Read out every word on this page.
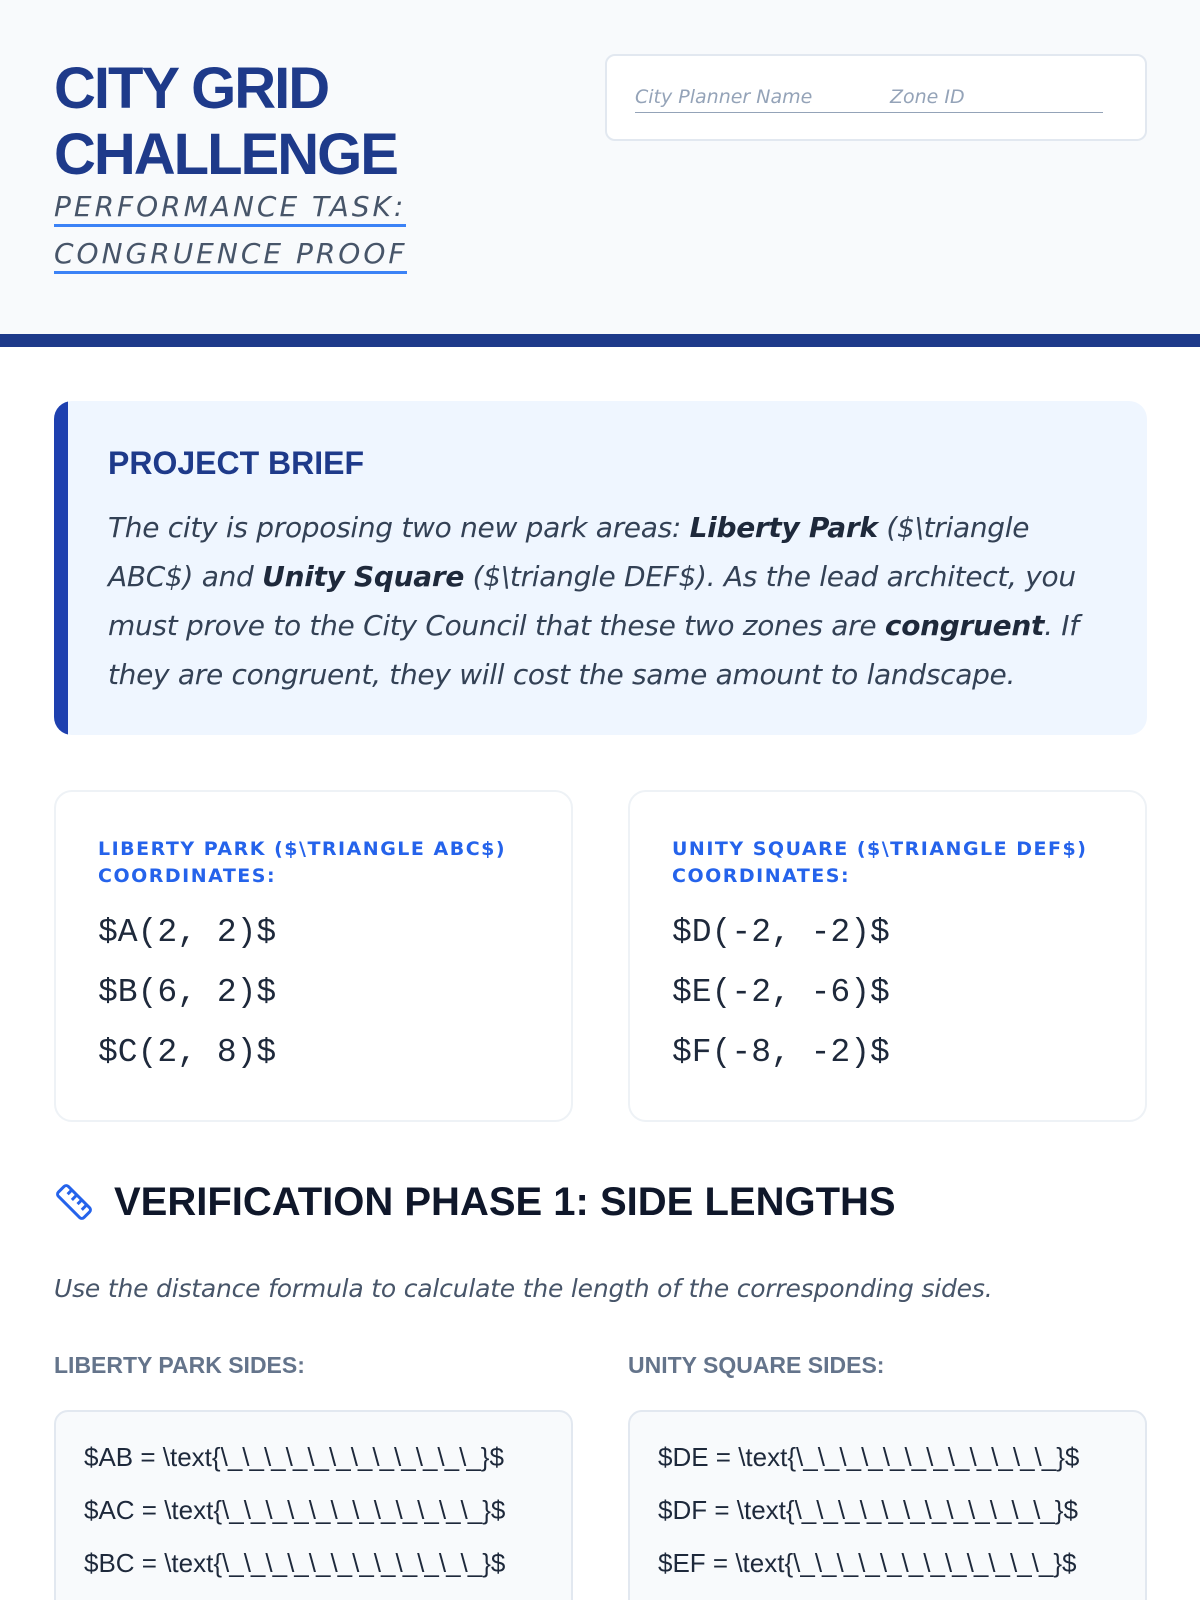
CITY GRID
CHALLENGE
PERFORMANCE TASK:
CONGRUENCE PROOF
City Planner Name	Zone ID
PROJECT BRIEF
The city is proposing two new park areas: Liberty Park ($\triangle ABC$) and Unity Square ($\triangle DEF$). As the lead architect, you must prove to the City Council that these two zones are congruent. If they are congruent, they will cost the same amount to landscape.
LIBERTY PARK ($\TRIANGLE ABC$) COORDINATES:
$A(2, 2)$
$B(6, 2)$
$C(2, 8)$
UNITY SQUARE ($\TRIANGLE DEF$) COORDINATES:
$D(-2, -2)$
$E(-2, -6)$
$F(-8, -2)$
VERIFICATION PHASE 1: SIDE LENGTHS
Use the distance formula to calculate the length of the corresponding sides.
LIBERTY PARK SIDES:	UNITY SQUARE SIDES:
$AB = \text{\_\_\_\_\_\_\_\_\_\_\_\_}$
$AC = \text{\_\_\_\_\_\_\_\_\_\_\_\_}$
$BC = \text{\_\_\_\_\_\_\_\_\_\_\_\_}$
$DE = \text{\_\_\_\_\_\_\_\_\_\_\_\_}$
$DF = \text{\_\_\_\_\_\_\_\_\_\_\_\_}$
$EF = \text{\_\_\_\_\_\_\_\_\_\_\_\_}$
